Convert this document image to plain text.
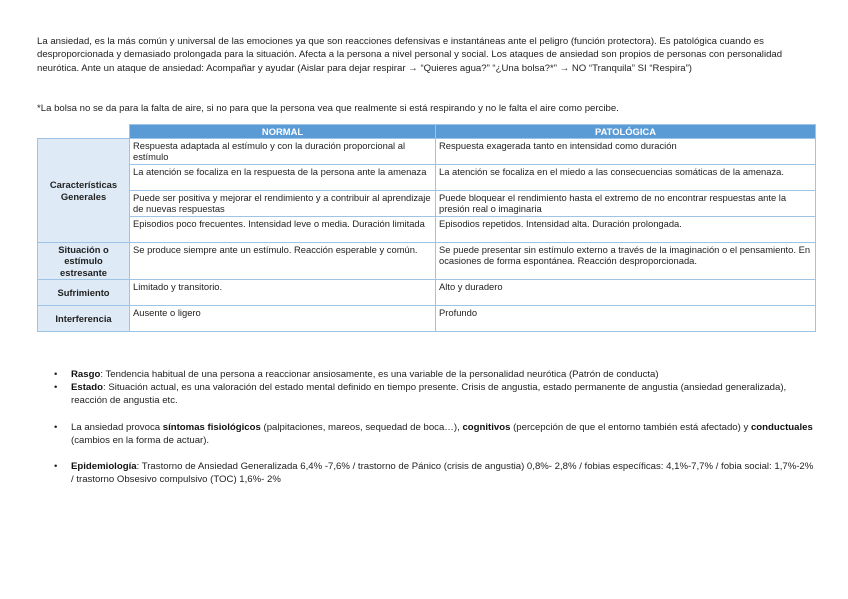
La ansiedad, es la más común y universal de las emociones ya que son reacciones defensivas e instantáneas ante el peligro (función protectora). Es patológica cuando es desproporcionada y demasiado prolongada para la situación. Afecta a la persona a nivel personal y social. Los ataques de ansiedad son propios de personas con personalidad neurótica. Ante un ataque de ansiedad: Acompañar y ayudar (Aislar para dejar respirar → “Quieres agua?” “¿Una bolsa?*” → NO “Tranquila” SI “Respira”)

*La bolsa no se da para la falta de aire, si no para que la persona vea que realmente si está respirando y no le falta el aire como percibe.

	NORMAL	PATOLÓGICA
Características Generales	Respuesta adaptada al estímulo y con la duración proporcional al estímulo	Respuesta exagerada tanto en intensidad como duración
	La atención se focaliza en la respuesta de la persona ante la amenaza	La atención se focaliza en el miedo a las consecuencias somáticas de la amenaza.
	Puede ser positiva y mejorar el rendimiento y a contribuir al aprendizaje de nuevas respuestas	Puede bloquear el rendimiento hasta el extremo de no encontrar respuestas ante la presión real o imaginaria
	Episodios poco frecuentes. Intensidad leve o media. Duración limitada	Episodios repetidos. Intensidad alta. Duración prolongada.
Situación o estímulo estresante	Se produce siempre ante un estímulo. Reacción esperable y común.	Se puede presentar sin estímulo externo a través de la imaginación o el pensamiento. En ocasiones de forma espontánea. Reacción desproporcionada.
Sufrimiento	Limitado y transitorio.	Alto y duradero
Interferencia	Ausente o ligero	Profundo

• Rasgo: Tendencia habitual de una persona a reaccionar ansiosamente, es una variable de la personalidad neurótica (Patrón de conducta)

• Estado: Situación actual, es una valoración del estado mental definido en tiempo presente. Crisis de angustia, estado permanente de angustia (ansiedad generalizada), reacción de angustia etc.

• La ansiedad provoca síntomas fisiológicos (palpitaciones, mareos, sequedad de boca…), cognitivos (percepción de que el entorno también está afectado) y conductuales (cambios en la forma de actuar).

• Epidemiología: Trastorno de Ansiedad Generalizada 6,4% -7,6% / trastorno de Pánico (crisis de angustia) 0,8%- 2,8% / fobias específicas: 4,1%-7,7% / fobia social: 1,7%-2% / trastorno Obsesivo compulsivo (TOC) 1,6%- 2%
